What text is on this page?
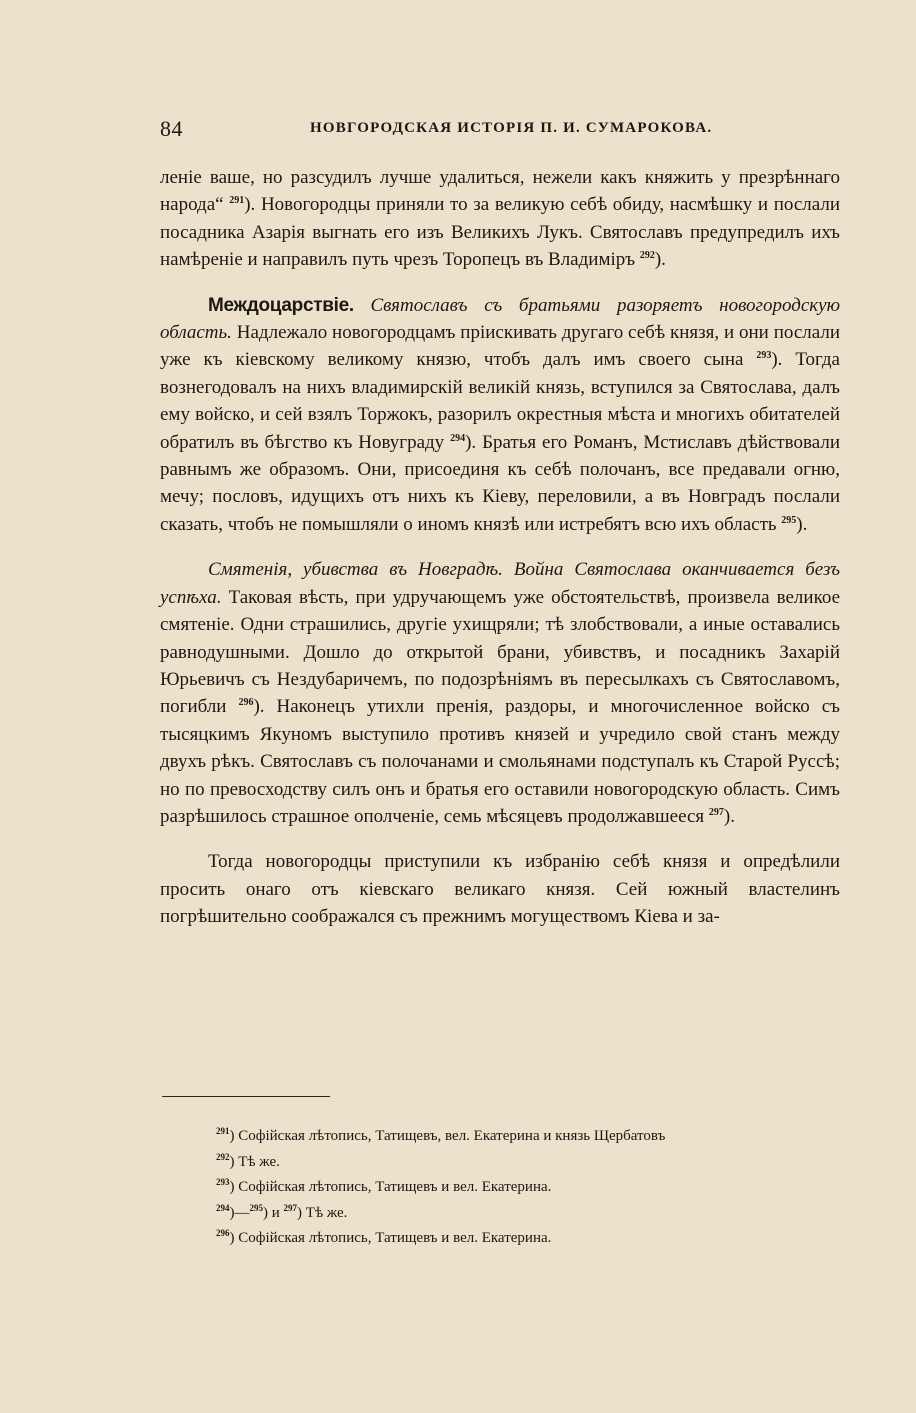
84	НОВГОРОДСКАЯ ИСТОРІЯ П. И. СУМАРОКОВА.

леніе ваше, но разсудилъ лучше удалиться, нежели какъ княжить у презрѣннаго народа“ $^{291}$). Новогородцы приняли то за великую себѣ обиду, насмѣшку и послали посадника Азарія выгнать его изъ Великихъ Лукъ. Святославъ предупредилъ ихъ намѣреніе и направилъ путь чрезъ Торопецъ въ Владиміръ $^{292}$).

Междоцарствіе. Святославъ съ братьями разоряетъ новогородскую область. Надлежало новогородцамъ пріискивать другаго себѣ князя, и они послали уже къ кіевскому великому князю, чтобъ далъ имъ своего сына $^{293}$). Тогда вознегодовалъ на нихъ владимирскій великій князь, вступился за Святослава, далъ ему войско, и сей взялъ Торжокъ, разорилъ окрестныя мѣста и многихъ обитателей обратилъ въ бѣгство къ Новуграду $^{294}$). Братья его Романъ, Мстиславъ дѣйствовали равнымъ же образомъ. Они, присоединя къ себѣ полочанъ, все предавали огню, мечу; пословъ, идущихъ отъ нихъ къ Кіеву, переловили, а въ Новградъ послали сказать, чтобъ не помышляли о иномъ князѣ или истребятъ всю ихъ область $^{295}$).

Смятенія, убивства въ Новградѣ. Война Святослава оканчивается безъ успѣха. Таковая вѣсть, при удручающемъ уже обстоятельствѣ, произвела великое смятеніе. Одни страшились, другіе ухищряли; тѣ злобствовали, а иные оставались равнодушными. Дошло до открытой брани, убивствъ, и посадникъ Захарій Юрьевичъ съ Нездубаричемъ, по подозрѣніямъ въ пересылкахъ съ Святославомъ, погибли $^{296}$). Наконецъ утихли пренія, раздоры, и многочисленное войско съ тысяцкимъ Якуномъ выступило противъ князей и учредило свой станъ между двухъ рѣкъ. Святославъ съ полочанами и смольянами подступалъ къ Старой Руссѣ; но по превосходству силъ онъ и братья его оставили новогородскую область. Симъ разрѣшилось страшное ополченіе, семь мѣсяцевъ продолжавшееся $^{297}$).

Тогда новогородцы приступили къ избранію себѣ князя и опредѣлили просить онаго отъ кіевскаго великаго князя. Сей южный властелинъ погрѣшительно соображался съ прежнимъ могуществомъ Кіева и за-

$^{291}$) Софійская лѣтопись, Татищевъ, вел. Екатерина и князь Щербатовъ
$^{292}$) Тѣ же.
$^{293}$) Софійская лѣтопись, Татищевъ и вел. Екатерина.
$^{294}$)—$^{295}$) и $^{297}$) Тѣ же.
$^{296}$) Софійская лѣтопись, Татищевъ и вел. Екатерина.
